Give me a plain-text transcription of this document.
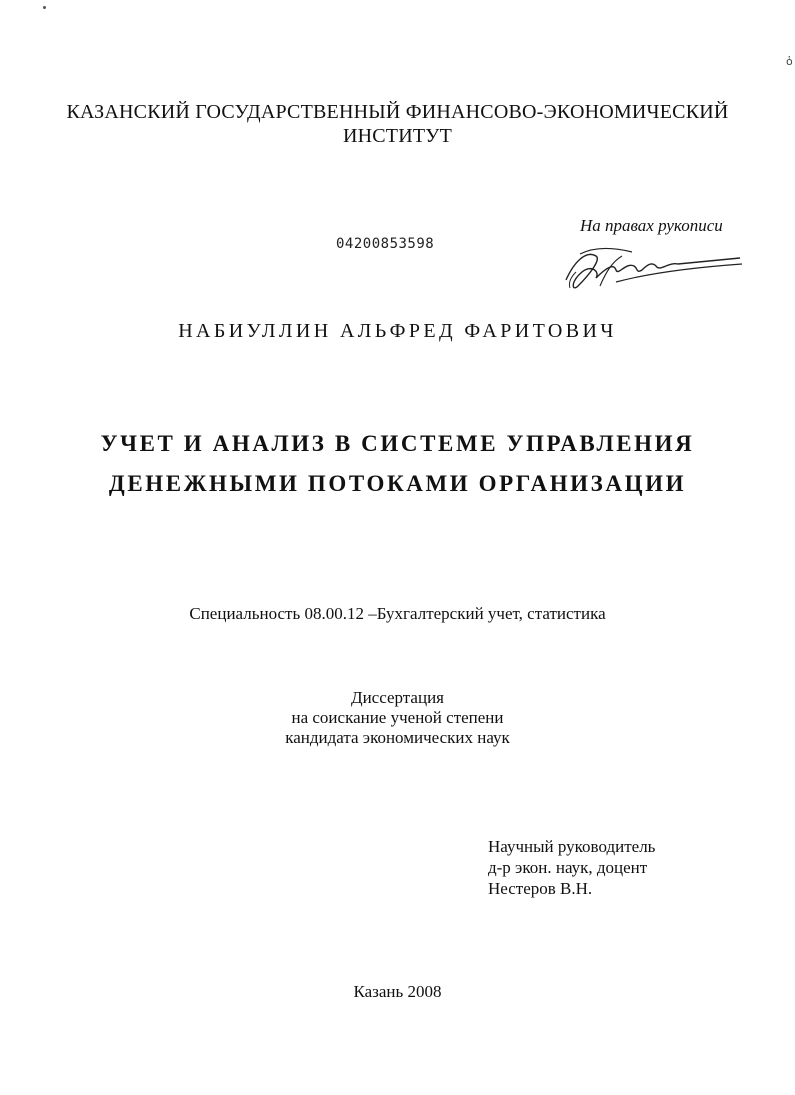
ὁ
КАЗАНСКИЙ ГОСУДАРСТВЕННЫЙ ФИНАНСОВО-ЭКОНОМИЧЕСКИЙ
ИНСТИТУТ
На правах рукописи
04200853598
НАБИУЛЛИН АЛЬФРЕД ФАРИТОВИЧ
УЧЕТ И АНАЛИЗ В СИСТЕМЕ УПРАВЛЕНИЯ
ДЕНЕЖНЫМИ ПОТОКАМИ ОРГАНИЗАЦИИ
Специальность 08.00.12 –Бухгалтерский учет, статистика
Диссертация
на соискание ученой степени
кандидата экономических наук
Научный руководитель
д-р экон. наук, доцент
Нестеров В.Н.
Казань 2008
